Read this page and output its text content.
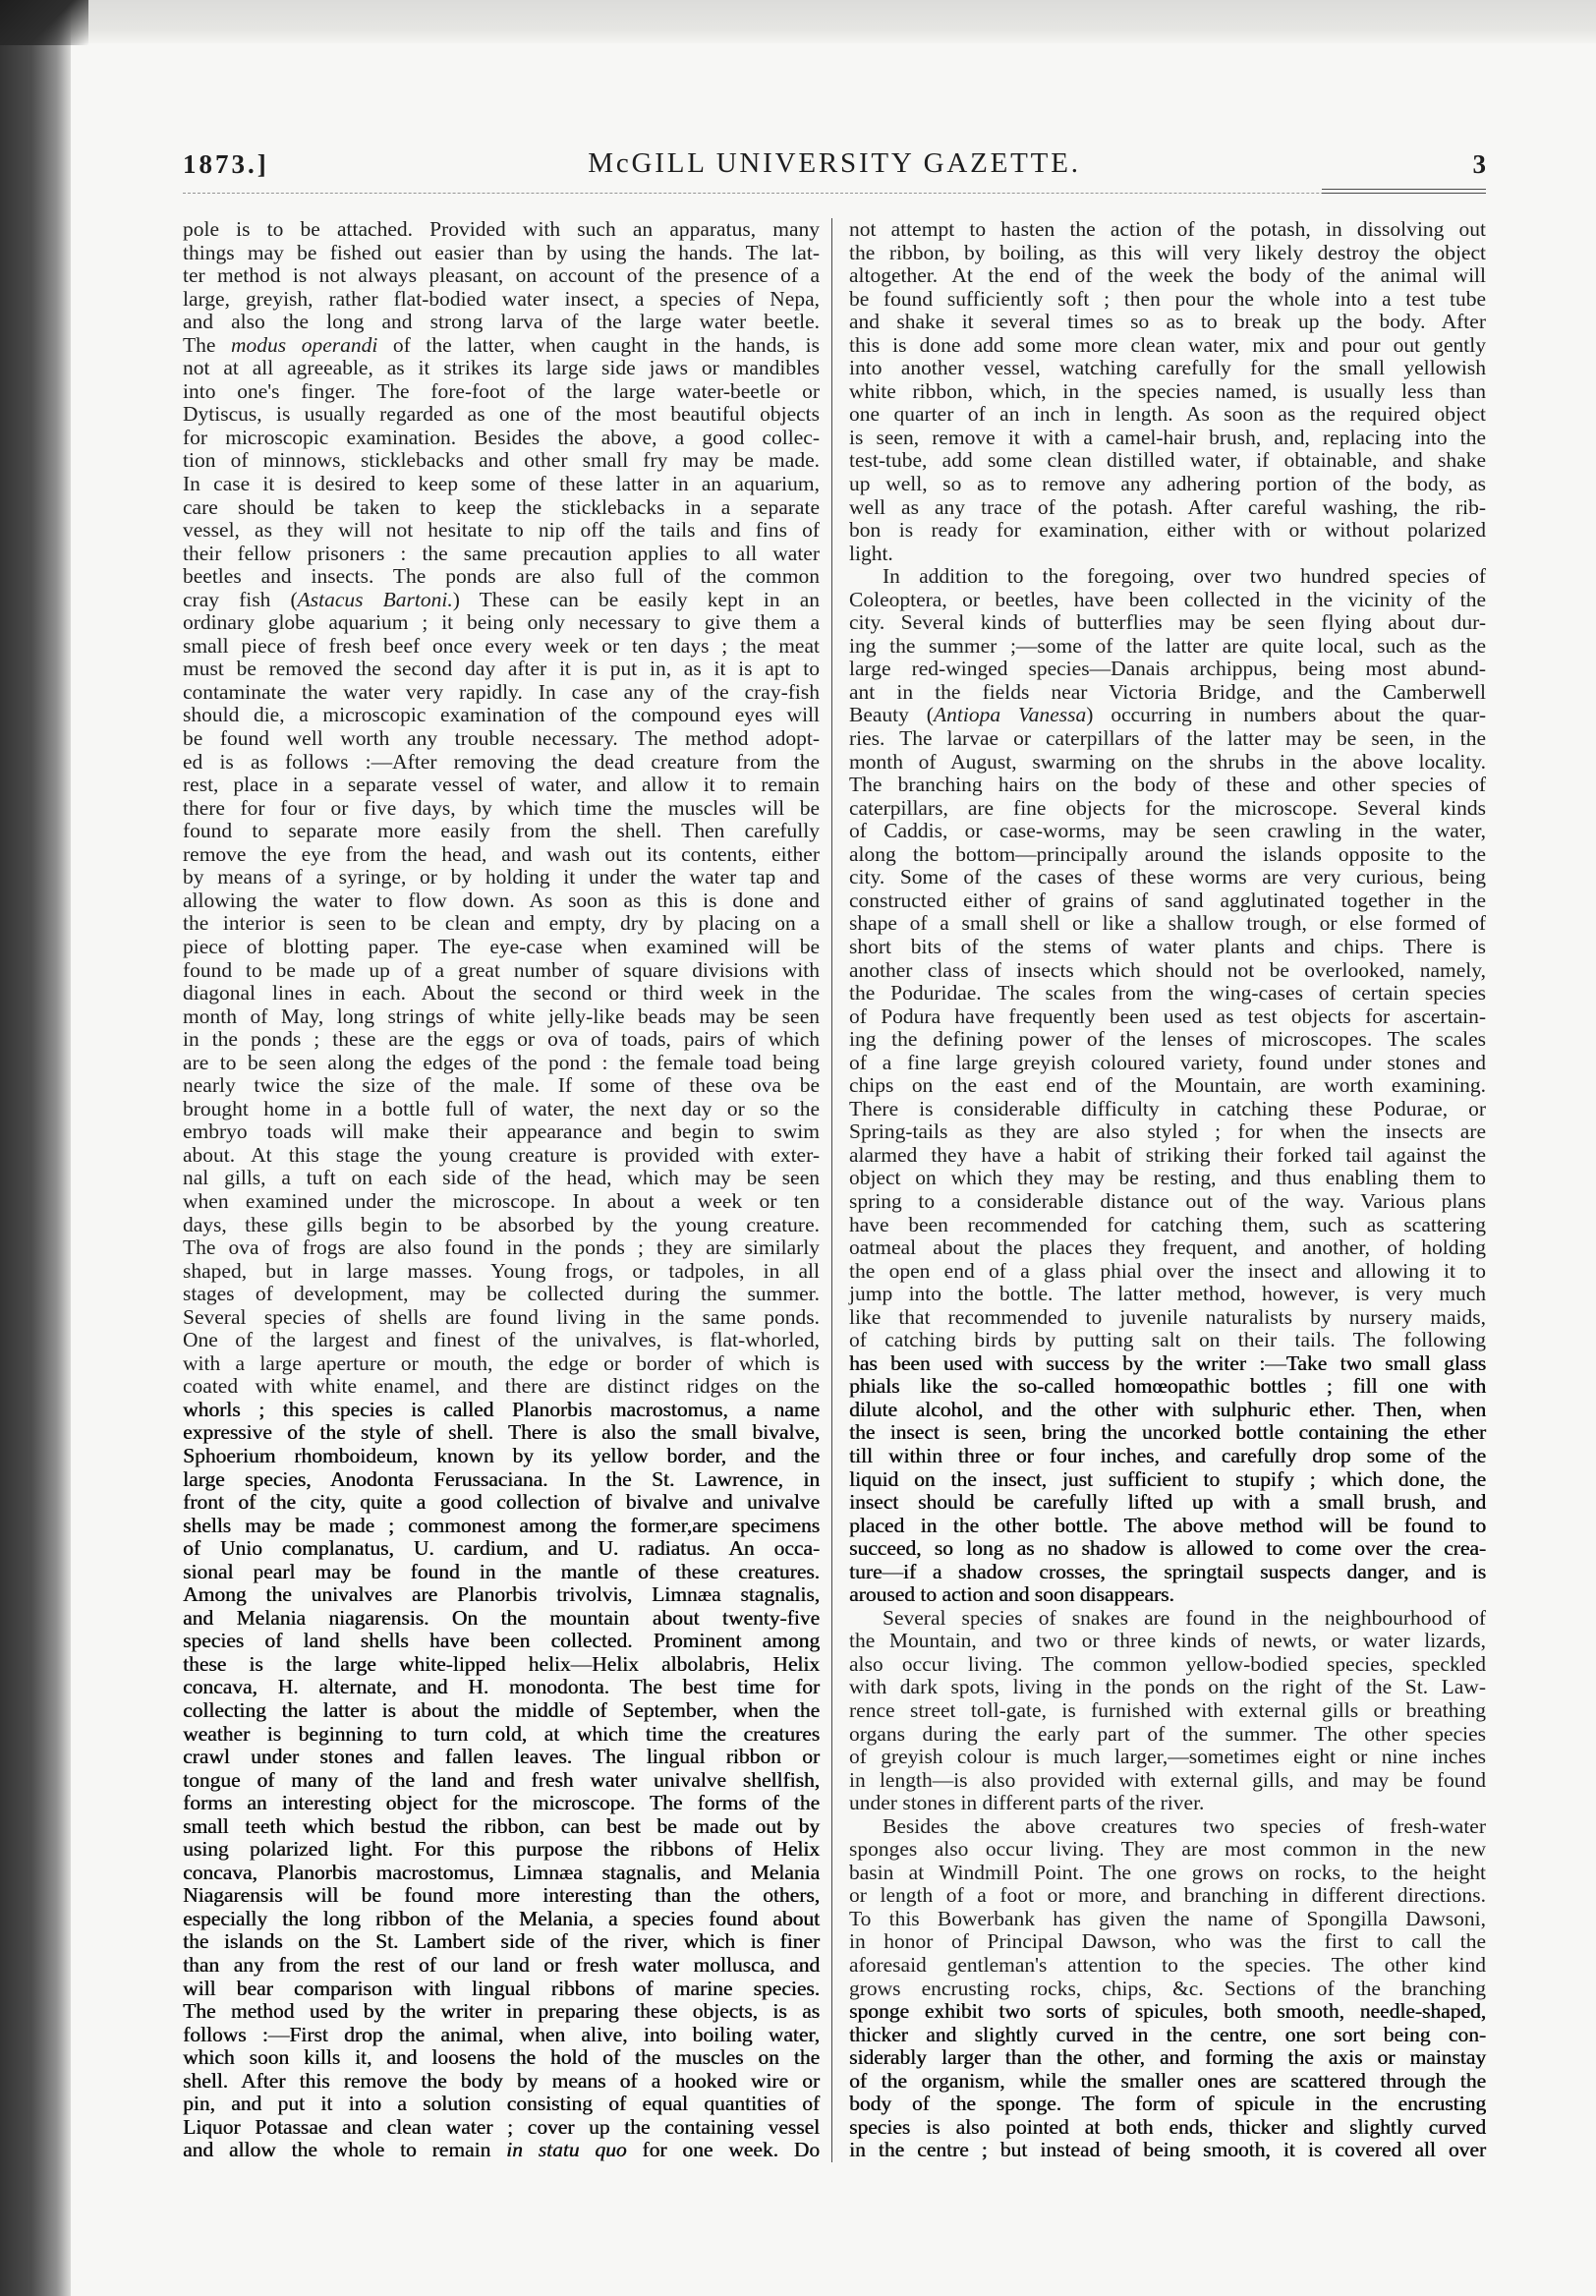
1873.]	McGILL UNIVERSITY GAZETTE.	3
pole is to be attached. Provided with such an apparatus, many
things may be fished out easier than by using the hands. The lat-
ter method is not always pleasant, on account of the presence of a
large, greyish, rather flat-bodied water insect, a species of Nepa,
and also the long and strong larva of the large water beetle.
The modus operandi of the latter, when caught in the hands, is
not at all agreeable, as it strikes its large side jaws or mandibles
into one's finger. The fore-foot of the large water-beetle or
Dytiscus, is usually regarded as one of the most beautiful objects
for microscopic examination. Besides the above, a good collec-
tion of minnows, sticklebacks and other small fry may be made.
In case it is desired to keep some of these latter in an aquarium,
care should be taken to keep the sticklebacks in a separate
vessel, as they will not hesitate to nip off the tails and fins of
their fellow prisoners : the same precaution applies to all water
beetles and insects. The ponds are also full of the common
cray fish (Astacus Bartoni.) These can be easily kept in an
ordinary globe aquarium ; it being only necessary to give them a
small piece of fresh beef once every week or ten days ; the meat
must be removed the second day after it is put in, as it is apt to
contaminate the water very rapidly. In case any of the cray-fish
should die, a microscopic examination of the compound eyes will
be found well worth any trouble necessary. The method adopt-
ed is as follows :—After removing the dead creature from the
rest, place in a separate vessel of water, and allow it to remain
there for four or five days, by which time the muscles will be
found to separate more easily from the shell. Then carefully
remove the eye from the head, and wash out its contents, either
by means of a syringe, or by holding it under the water tap and
allowing the water to flow down. As soon as this is done and
the interior is seen to be clean and empty, dry by placing on a
piece of blotting paper. The eye-case when examined will be
found to be made up of a great number of square divisions with
diagonal lines in each. About the second or third week in the
month of May, long strings of white jelly-like beads may be seen
in the ponds ; these are the eggs or ova of toads, pairs of which
are to be seen along the edges of the pond : the female toad being
nearly twice the size of the male. If some of these ova be
brought home in a bottle full of water, the next day or so the
embryo toads will make their appearance and begin to swim
about. At this stage the young creature is provided with exter-
nal gills, a tuft on each side of the head, which may be seen
when examined under the microscope. In about a week or ten
days, these gills begin to be absorbed by the young creature.
The ova of frogs are also found in the ponds ; they are similarly
shaped, but in large masses. Young frogs, or tadpoles, in all
stages of development, may be collected during the summer.
Several species of shells are found living in the same ponds.
One of the largest and finest of the univalves, is flat-whorled,
with a large aperture or mouth, the edge or border of which is
coated with white enamel, and there are distinct ridges on the
whorls ; this species is called Planorbis macrostomus, a name
expressive of the style of shell. There is also the small bivalve,
Sphoerium rhomboideum, known by its yellow border, and the
large species, Anodonta Ferussaciana. In the St. Lawrence, in
front of the city, quite a good collection of bivalve and univalve
shells may be made ; commonest among the former,are specimens
of Unio complanatus, U. cardium, and U. radiatus. An occa-
sional pearl may be found in the mantle of these creatures.
Among the univalves are Planorbis trivolvis, Limnæa stagnalis,
and Melania niagarensis. On the mountain about twenty-five
species of land shells have been collected. Prominent among
these is the large white-lipped helix—Helix albolabris, Helix
concava, H. alternate, and H. monodonta. The best time for
collecting the latter is about the middle of September, when the
weather is beginning to turn cold, at which time the creatures
crawl under stones and fallen leaves. The lingual ribbon or
tongue of many of the land and fresh water univalve shellfish,
forms an interesting object for the microscope. The forms of the
small teeth which bestud the ribbon, can best be made out by
using polarized light. For this purpose the ribbons of Helix
concava, Planorbis macrostomus, Limnæa stagnalis, and Melania
Niagarensis will be found more interesting than the others,
especially the long ribbon of the Melania, a species found about
the islands on the St. Lambert side of the river, which is finer
than any from the rest of our land or fresh water mollusca, and
will bear comparison with lingual ribbons of marine species.
The method used by the writer in preparing these objects, is as
follows :—First drop the animal, when alive, into boiling water,
which soon kills it, and loosens the hold of the muscles on the
shell. After this remove the body by means of a hooked wire or
pin, and put it into a solution consisting of equal quantities of
Liquor Potassae and clean water ; cover up the containing vessel
and allow the whole to remain in statu quo for one week. Do
not attempt to hasten the action of the potash, in dissolving out
the ribbon, by boiling, as this will very likely destroy the object
altogether. At the end of the week the body of the animal will
be found sufficiently soft ; then pour the whole into a test tube
and shake it several times so as to break up the body. After
this is done add some more clean water, mix and pour out gently
into another vessel, watching carefully for the small yellowish
white ribbon, which, in the species named, is usually less than
one quarter of an inch in length. As soon as the required object
is seen, remove it with a camel-hair brush, and, replacing into the
test-tube, add some clean distilled water, if obtainable, and shake
up well, so as to remove any adhering portion of the body, as
well as any trace of the potash. After careful washing, the rib-
bon is ready for examination, either with or without polarized
light.
In addition to the foregoing, over two hundred species of
Coleoptera, or beetles, have been collected in the vicinity of the
city. Several kinds of butterflies may be seen flying about dur-
ing the summer ;—some of the latter are quite local, such as the
large red-winged species—Danais archippus, being most abund-
ant in the fields near Victoria Bridge, and the Camberwell
Beauty (Antiopa Vanessa) occurring in numbers about the quar-
ries. The larvae or caterpillars of the latter may be seen, in the
month of August, swarming on the shrubs in the above locality.
The branching hairs on the body of these and other species of
caterpillars, are fine objects for the microscope. Several kinds
of Caddis, or case-worms, may be seen crawling in the water,
along the bottom—principally around the islands opposite to the
city. Some of the cases of these worms are very curious, being
constructed either of grains of sand agglutinated together in the
shape of a small shell or like a shallow trough, or else formed of
short bits of the stems of water plants and chips. There is
another class of insects which should not be overlooked, namely,
the Poduridae. The scales from the wing-cases of certain species
of Podura have frequently been used as test objects for ascertain-
ing the defining power of the lenses of microscopes. The scales
of a fine large greyish coloured variety, found under stones and
chips on the east end of the Mountain, are worth examining.
There is considerable difficulty in catching these Podurae, or
Spring-tails as they are also styled ; for when the insects are
alarmed they have a habit of striking their forked tail against the
object on which they may be resting, and thus enabling them to
spring to a considerable distance out of the way. Various plans
have been recommended for catching them, such as scattering
oatmeal about the places they frequent, and another, of holding
the open end of a glass phial over the insect and allowing it to
jump into the bottle. The latter method, however, is very much
like that recommended to juvenile naturalists by nursery maids,
of catching birds by putting salt on their tails. The following
has been used with success by the writer :—Take two small glass
phials like the so-called homœopathic bottles ; fill one with
dilute alcohol, and the other with sulphuric ether. Then, when
the insect is seen, bring the uncorked bottle containing the ether
till within three or four inches, and carefully drop some of the
liquid on the insect, just sufficient to stupify ; which done, the
insect should be carefully lifted up with a small brush, and
placed in the other bottle. The above method will be found to
succeed, so long as no shadow is allowed to come over the crea-
ture—if a shadow crosses, the springtail suspects danger, and is
aroused to action and soon disappears.
Several species of snakes are found in the neighbourhood of
the Mountain, and two or three kinds of newts, or water lizards,
also occur living. The common yellow-bodied species, speckled
with dark spots, living in the ponds on the right of the St. Law-
rence street toll-gate, is furnished with external gills or breathing
organs during the early part of the summer. The other species
of greyish colour is much larger,—sometimes eight or nine inches
in length—is also provided with external gills, and may be found
under stones in different parts of the river.
Besides the above creatures two species of fresh-water
sponges also occur living. They are most common in the new
basin at Windmill Point. The one grows on rocks, to the height
or length of a foot or more, and branching in different directions.
To this Bowerbank has given the name of Spongilla Dawsoni,
in honor of Principal Dawson, who was the first to call the
aforesaid gentleman's attention to the species. The other kind
grows encrusting rocks, chips, &c. Sections of the branching
sponge exhibit two sorts of spicules, both smooth, needle-shaped,
thicker and slightly curved in the centre, one sort being con-
siderably larger than the other, and forming the axis or mainstay
of the organism, while the smaller ones are scattered through the
body of the sponge. The form of spicule in the encrusting
species is also pointed at both ends, thicker and slightly curved
in the centre ; but instead of being smooth, it is covered all over
